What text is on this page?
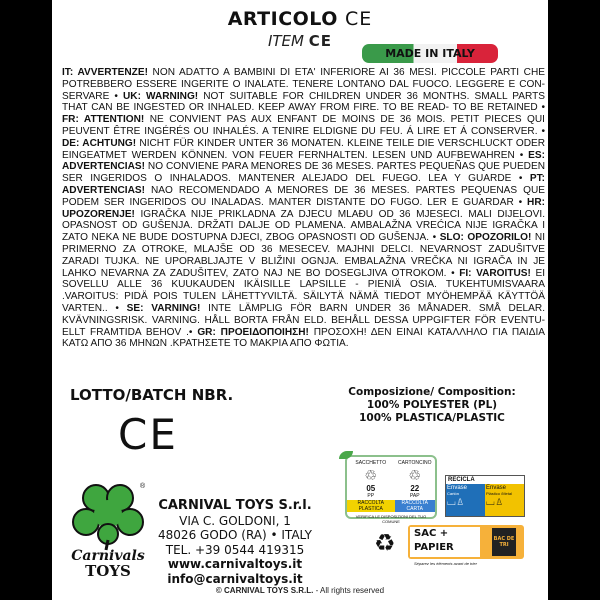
ARTICOLO CE
ITEM CE
MADE IN ITALY
IT: AVVERTENZE! NON ADATTO A BAMBINI DI ETA' INFERIORE AI 36 MESI. PICCOLE PARTI CHE POTREBBERO ESSERE INGERITE O INALATE. TENERE LONTANO DAL FUOCO. LEGGERE E CON-SERVARE • UK: WARNING! NOT SUITABLE FOR CHILDREN UNDER 36 MONTHS. SMALL PARTS THAT CAN BE INGESTED OR INHALED. KEEP AWAY FROM FIRE. TO BE READ- TO BE RETAINED • FR: ATTENTION! NE CONVIENT PAS AUX ENFANT DE MOINS DE 36 MOIS. PETIT PIECES QUI PEUVENT ÊTRE INGÉRÉS OU INHALÉS. A TENIRE ELDIGNE DU FEU. Á LIRE ET Á CONSERVER. • DE: ACHTUNG! NICHT FÜR KINDER UNTER 36 MONATEN. KLEINE TEILE DIE VERSCHLUCKT ODER EINGEATMET WERDEN KÖNNEN. VON FEUER FERNHALTEN. LESEN UND AUFBEWAHREN • ES: ADVERTENCIAS! NO CONVIENE PARA MENORES DE 36 MESES. PARTES PEQUEÑAS QUE PUEDEN SER INGERIDOS O INHALADOS. MANTENER ALEJADO DEL FUEGO. LEA Y GUARDE • PT: ADVERTENCIAS! NAO RECOMENDADO A MENORES DE 36 MESES. PARTES PEQUENAS QUE PODEM SER INGERIDOS OU INALADAS. MANTER DISTANTE DO FUGO. LER E GUARDAR • HR: UPOZORENJE! IGRAČKA NIJE PRIKLADNA ZA DJECU MLAĐU OD 36 MJESECI. MALI DIJELOVI. OPASNOST OD GUŠENJA. DRŽATI DALJE OD PLAMENA. AMBALAŽNA VREĆICA NIJE IGRAČKA I ZATO NEKA NE BUDE DOSTUPNA DJECI, ZBOG OPASNOSTI OD GUŠENJA. • SLO: OPOZORILO! NI PRIMERNO ZA OTROKE, MLAJŠE OD 36 MESECEV. MAJHNI DELCI. NEVARNOST ZADUŠITVE ZARADI TUJKA. NE UPORABLJAJTE V BLIŽINI OGNJA. EMBALAŽNA VREČKA NI IGRAČA IN JE LAHKO NEVARNA ZA ZADUŠITEV, ZATO NAJ NE BO DOSEGLJIVA OTROKOM. • FI: VAROITUS! EI SOVELLU ALLE 36 KUUKAUDEN IKÄISILLE LAPSILLE - PIENIÄ OSIA. TUKEHTUMISVAARA .VAROITUS: PIDÄ POIS TULEN LÄHETTYVILTÄ. SÄILYTÄ NÄMÄ TIEDOT MYÖHEMPÄÄ KÄYTTÖÄ VARTEN.. • SE: VARNING! INTE LÄMPLIG FÖR BARN UNDER 36 MÅNADER. SMÅ DELAR. KVÄVNINGSRISK. VARNING. HÅLL BORTA FRÅN ELD. BEHÅLL DESSA UPPGIFTER FÖR EVENTU-ELLT FRAMTIDA BEHOV .• GR: ΠΡΟΕΙΔΟΠΟΙΗΣΗ! ΠΡΟΣΟΧΗ! ΔΕΝ ΕΙΝΑΙ ΚΑΤΑΛΛΗΛΟ ΓΙΑ ΠΑΙΔΙΑ ΚΑΤΩ ΑΠΟ 36 ΜΗΝΩΝ .ΚΡΑΤΗΣΕΤΕ ΤΟ ΜΑΚΡΙΑ ΑΠΟ ΦΩΤΙΑ.
LOTTO/BATCH NBR.
CE
Composizione/ Composition:
100% POLYESTER (PL)
100% PLASTICA/PLASTIC
Carnivals
TOYS
®
CARNIVAL TOYS S.r.l.
VIA C. GOLDONI, 1
48026 GODO (RA) • ITALY
TEL. +39 0544 419315
www.carnivaltoys.it
info@carnivaltoys.it
© CARNIVAL TOYS S.R.L. - All rights reserved
SACCHETTO
♲
05
PP
RACCOLTA PLASTICA
CARTONCINO
♲
22
PAP
RACCOLTA CARTA
VERIFICA LE DISPOSIZIONI DEL TUO COMUNE
RECICLA
Envase
Cartón
⌴♙
Envase
Plástico /Metal
⌴♙
♻ SAC +
PAPIER
BAC DE TRI
Séparez les éléments avant de trier
